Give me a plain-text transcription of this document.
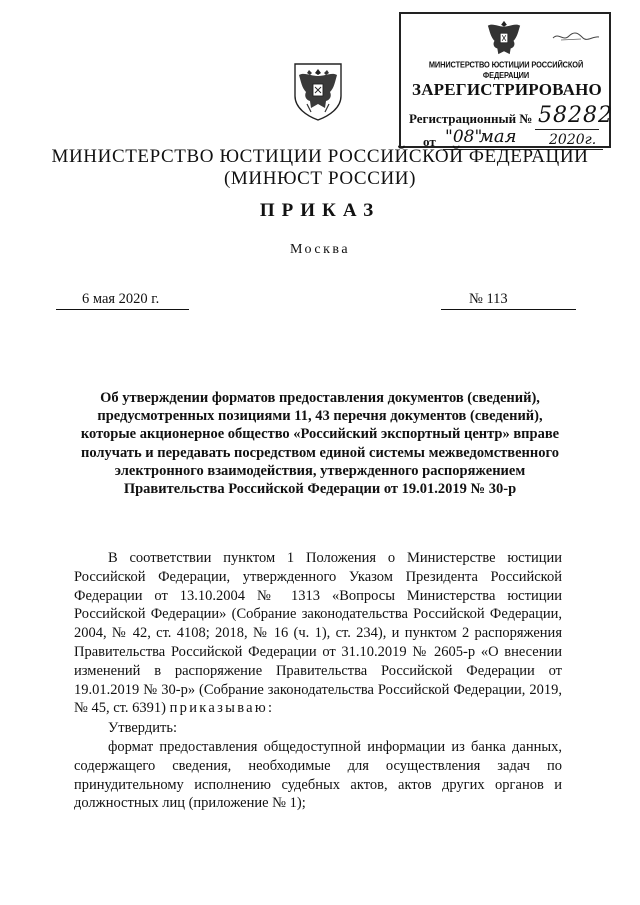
МИНИСТЕРСТВО ЮСТИЦИИ РОССИЙСКОЙ ФЕДЕРАЦИИ
ЗАРЕГИСТРИРОВАНО
Регистрационный № 58282
от "08"
мая 2020г.
МИНИСТЕРСТВО ЮСТИЦИИ РОССИЙСКОЙ ФЕДЕРАЦИИ
(МИНЮСТ РОССИИ)
ПРИКАЗ
Москва
6 мая 2020 г.	№ 113
Об утверждении форматов предоставления документов (сведений), предусмотренных позициями 11, 43 перечня документов (сведений), которые акционерное общество «Российский экспортный центр» вправе получать и передавать посредством единой системы межведомственного электронного взаимодействия, утвержденного распоряжением Правительства Российской Федерации от 19.01.2019 № 30-р
В соответствии пунктом 1 Положения о Министерстве юстиции Российской Федерации, утвержденного Указом Президента Российской Федерации от 13.10.2004 № 1313 «Вопросы Министерства юстиции Российской Федерации» (Собрание законодательства Российской Федерации, 2004, № 42, ст. 4108; 2018, № 16 (ч. 1), ст. 234), и пунктом 2 распоряжения Правительства Российской Федерации от 31.10.2019 № 2605-р «О внесении изменений в распоряжение Правительства Российской Федерации от 19.01.2019 № 30-р» (Собрание законодательства Российской Федерации, 2019, № 45, ст. 6391) приказываю:
Утвердить:
формат предоставления общедоступной информации из банка данных, содержащего сведения, необходимые для осуществления задач по принудительному исполнению судебных актов, актов других органов и должностных лиц (приложение № 1);
